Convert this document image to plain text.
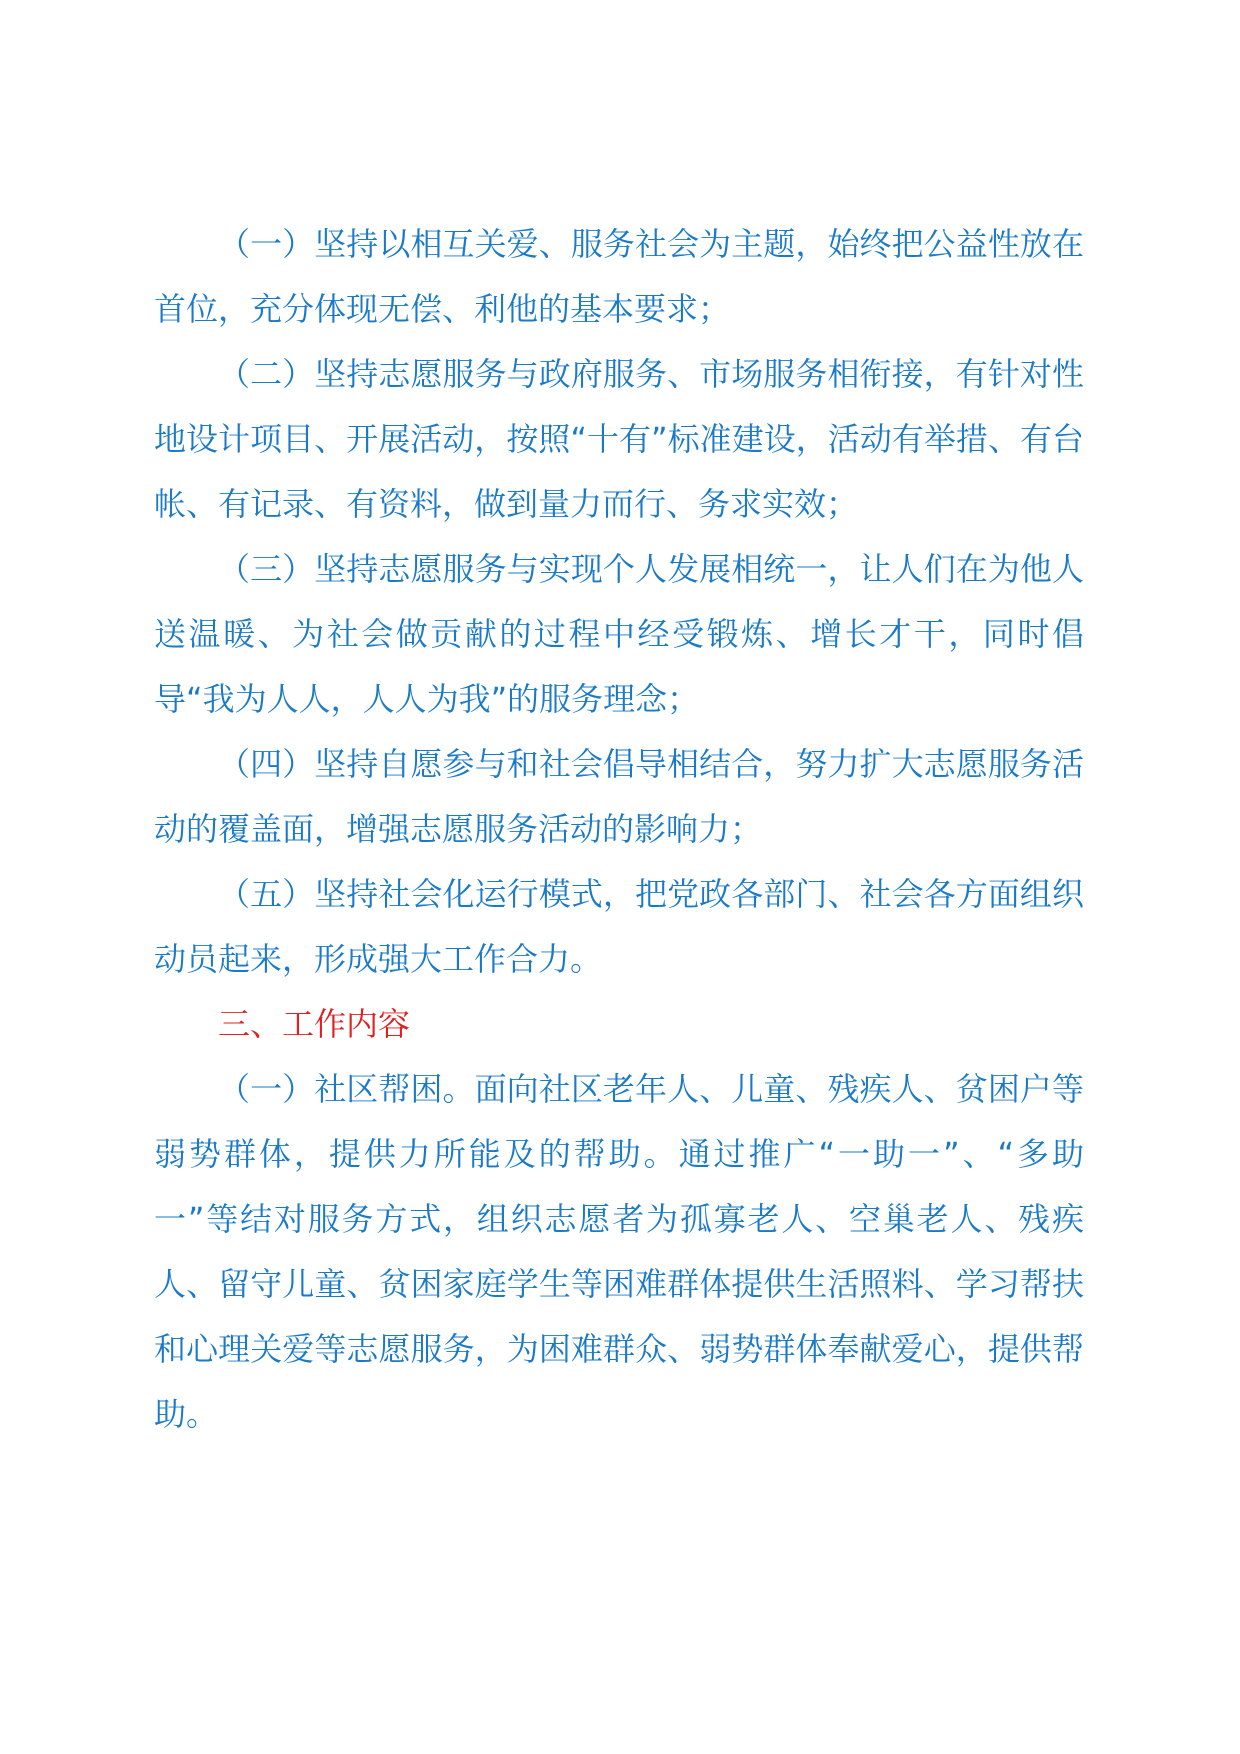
（一）坚持以相互关爱、服务社会为主题，始终把公益性放在首位，充分体现无偿、利他的基本要求；

（二）坚持志愿服务与政府服务、市场服务相衔接，有针对性地设计项目、开展活动，按照“十有”标准建设，活动有举措、有台帐、有记录、有资料，做到量力而行、务求实效；

（三）坚持志愿服务与实现个人发展相统一，让人们在为他人送温暖、为社会做贡献的过程中经受锻炼、增长才干，同时倡导“我为人人，人人为我”的服务理念；

（四）坚持自愿参与和社会倡导相结合，努力扩大志愿服务活动的覆盖面，增强志愿服务活动的影响力；

（五）坚持社会化运行模式，把党政各部门、社会各方面组织动员起来，形成强大工作合力。

三、工作内容

（一）社区帮困。面向社区老年人、儿童、残疾人、贫困户等弱势群体，提供力所能及的帮助。通过推广“一助一”、“多助一”等结对服务方式，组织志愿者为孤寡老人、空巢老人、残疾人、留守儿童、贫困家庭学生等困难群体提供生活照料、学习帮扶和心理关爱等志愿服务，为困难群众、弱势群体奉献爱心，提供帮助。
